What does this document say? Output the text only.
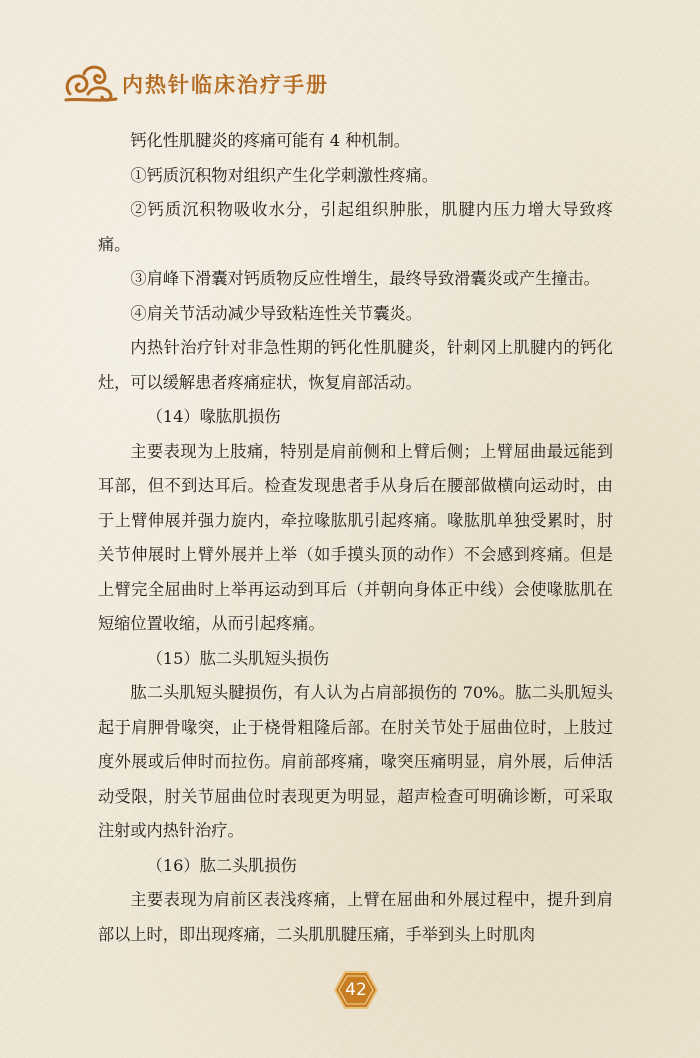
内热针临床治疗手册

钙化性肌腱炎的疼痛可能有 4 种机制。

①钙质沉积物对组织产生化学刺激性疼痛。

②钙质沉积物吸收水分，引起组织肿胀，肌腱内压力增大导致疼痛。

③肩峰下滑囊对钙质物反应性增生，最终导致滑囊炎或产生撞击。

④肩关节活动减少导致粘连性关节囊炎。

内热针治疗针对非急性期的钙化性肌腱炎，针刺冈上肌腱内的钙化灶，可以缓解患者疼痛症状，恢复肩部活动。

（14）喙肱肌损伤

主要表现为上肢痛，特别是肩前侧和上臂后侧；上臂屈曲最远能到耳部，但不到达耳后。检查发现患者手从身后在腰部做横向运动时，由于上臂伸展并强力旋内，牵拉喙肱肌引起疼痛。喙肱肌单独受累时，肘关节伸展时上臂外展并上举（如手摸头顶的动作）不会感到疼痛。但是上臂完全屈曲时上举再运动到耳后（并朝向身体正中线）会使喙肱肌在短缩位置收缩，从而引起疼痛。

（15）肱二头肌短头损伤

肱二头肌短头腱损伤，有人认为占肩部损伤的 70%。肱二头肌短头起于肩胛骨喙突，止于桡骨粗隆后部。在肘关节处于屈曲位时，上肢过度外展或后伸时而拉伤。肩前部疼痛，喙突压痛明显，肩外展，后伸活动受限，肘关节屈曲位时表现更为明显，超声检查可明确诊断，可采取注射或内热针治疗。

（16）肱二头肌损伤

主要表现为肩前区表浅疼痛，上臂在屈曲和外展过程中，提升到肩部以上时，即出现疼痛，二头肌肌腱压痛，手举到头上时肌肉

42
